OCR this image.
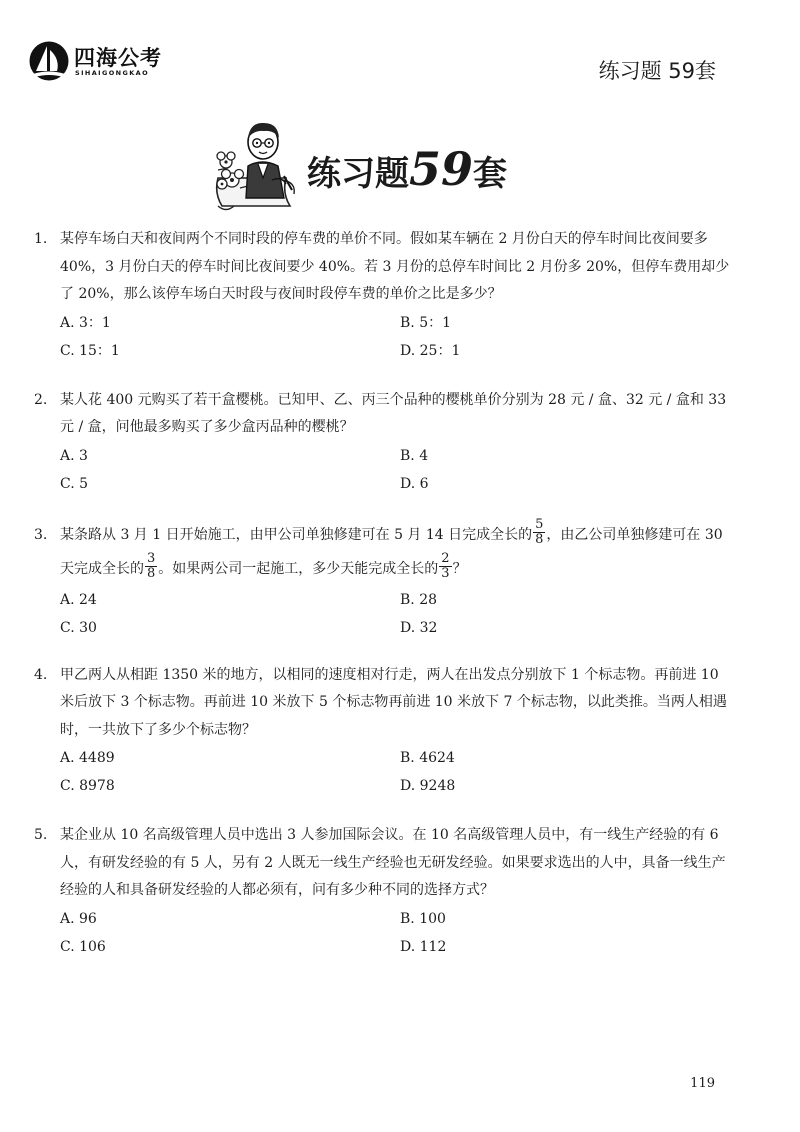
四海公考
SIHAIGONGKAO	练习题 59套
练习题59套
1. 某停车场白天和夜间两个不同时段的停车费的单价不同。假如某车辆在 2 月份白天的停车时间比夜间要多 40%，3 月份白天的停车时间比夜间要少 40%。若 3 月份的总停车时间比 2 月份多 20%，但停车费用却少了 20%，那么该停车场白天时段与夜间时段停车费的单价之比是多少？
A. 3：1	B. 5：1
C. 15：1	D. 25：1
2. 某人花 400 元购买了若干盒樱桃。已知甲、乙、丙三个品种的樱桃单价分别为 28 元 / 盒、32 元 / 盒和 33 元 / 盒，问他最多购买了多少盒丙品种的樱桃？
A. 3	B. 4
C. 5	D. 6
3. 某条路从 3 月 1 日开始施工，由甲公司单独修建可在 5 月 14 日完成全长的 $\frac{5}{8}$ ，由乙公司单独修建可在 30 天完成全长的 $\frac{3}{8}$ 。如果两公司一起施工，多少天能完成全长的 $\frac{2}{3}$ ？
A. 24	B. 28
C. 30	D. 32
4. 甲乙两人从相距 1350 米的地方，以相同的速度相对行走，两人在出发点分别放下 1 个标志物。再前进 10 米后放下 3 个标志物。再前进 10 米放下 5 个标志物再前进 10 米放下 7 个标志物，以此类推。当两人相遇时，一共放下了多少个标志物？
A. 4489	B. 4624
C. 8978	D. 9248
5. 某企业从 10 名高级管理人员中选出 3 人参加国际会议。在 10 名高级管理人员中，有一线生产经验的有 6 人，有研发经验的有 5 人，另有 2 人既无一线生产经验也无研发经验。如果要求选出的人中，具备一线生产经验的人和具备研发经验的人都必须有，问有多少种不同的选择方式？
A. 96	B. 100
C. 106	D. 112
119
